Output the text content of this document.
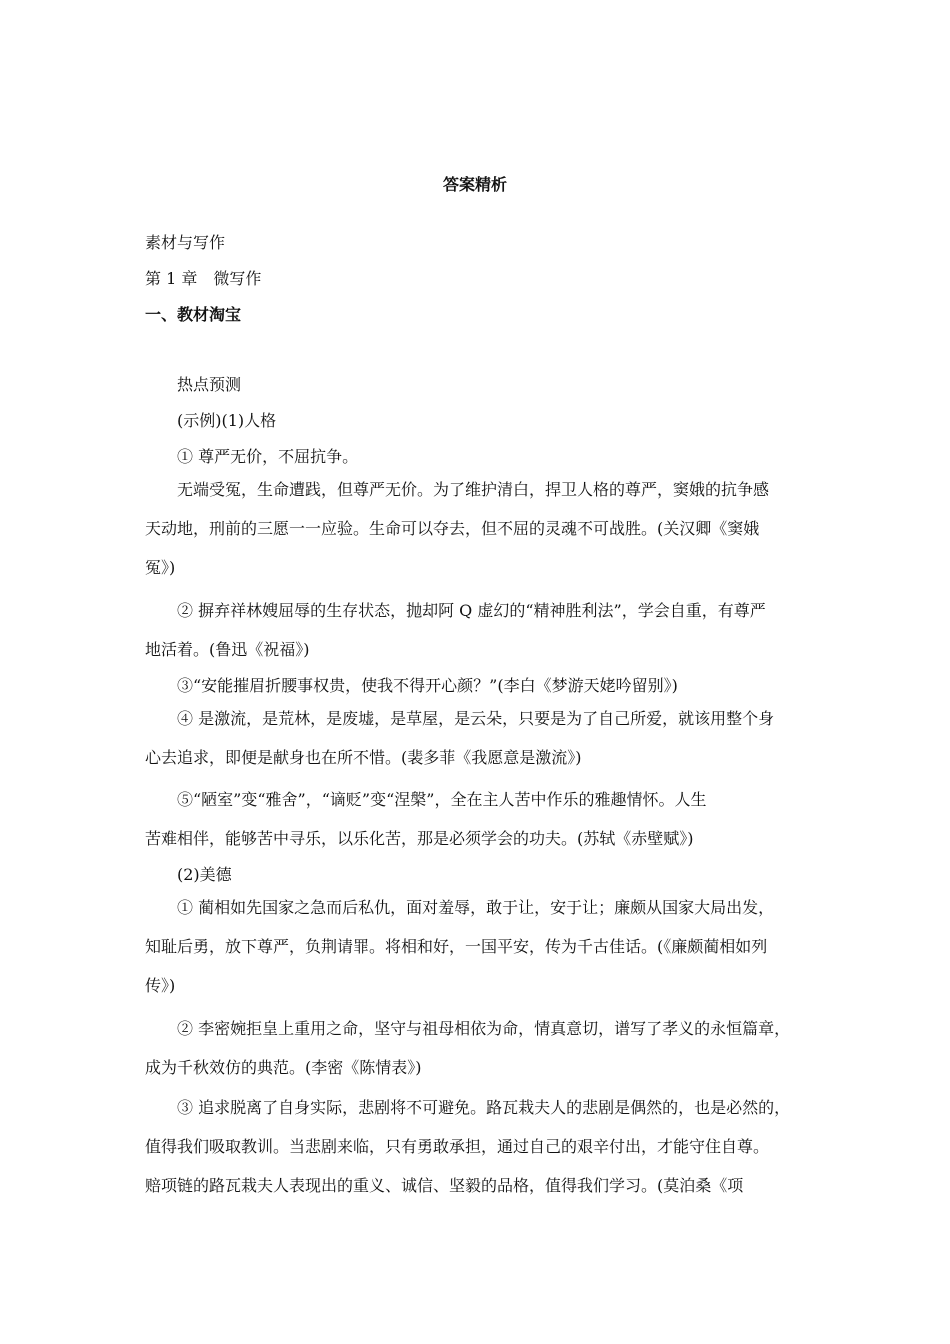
答案精析
素材与写作
第 1 章　微写作
一、教材淘宝
热点预测
(示例)(1)人格
① 尊严无价，不屈抗争。
无端受冤，生命遭践，但尊严无价。为了维护清白，捍卫人格的尊严，窦娥的抗争感
天动地，刑前的三愿一一应验。生命可以夺去，但不屈的灵魂不可战胜。(关汉卿《窦娥
冤》)
② 摒弃祥林嫂屈辱的生存状态，抛却阿 Q 虚幻的“精神胜利法”，学会自重，有尊严
地活着。(鲁迅《祝福》)
③“安能摧眉折腰事权贵，使我不得开心颜？”(李白《梦游天姥吟留别》)
④ 是激流，是荒林，是废墟，是草屋，是云朵，只要是为了自己所爱，就该用整个身
心去追求，即便是献身也在所不惜。(裴多菲《我愿意是激流》)
⑤“陋室”变“雅舍”，“谪贬”变“涅槃”，全在主人苦中作乐的雅趣情怀。人生
苦难相伴，能够苦中寻乐，以乐化苦，那是必须学会的功夫。(苏轼《赤壁赋》)
(2)美德
① 蔺相如先国家之急而后私仇，面对羞辱，敢于让，安于让；廉颇从国家大局出发，
知耻后勇，放下尊严，负荆请罪。将相和好，一国平安，传为千古佳话。(《廉颇蔺相如列
传》)
② 李密婉拒皇上重用之命，坚守与祖母相依为命，情真意切，谱写了孝义的永恒篇章，
成为千秋效仿的典范。(李密《陈情表》)
③ 追求脱离了自身实际，悲剧将不可避免。路瓦栽夫人的悲剧是偶然的，也是必然的，
值得我们吸取教训。当悲剧来临，只有勇敢承担，通过自己的艰辛付出，才能守住自尊。
赔项链的路瓦栽夫人表现出的重义、诚信、坚毅的品格，值得我们学习。(莫泊桑《项
